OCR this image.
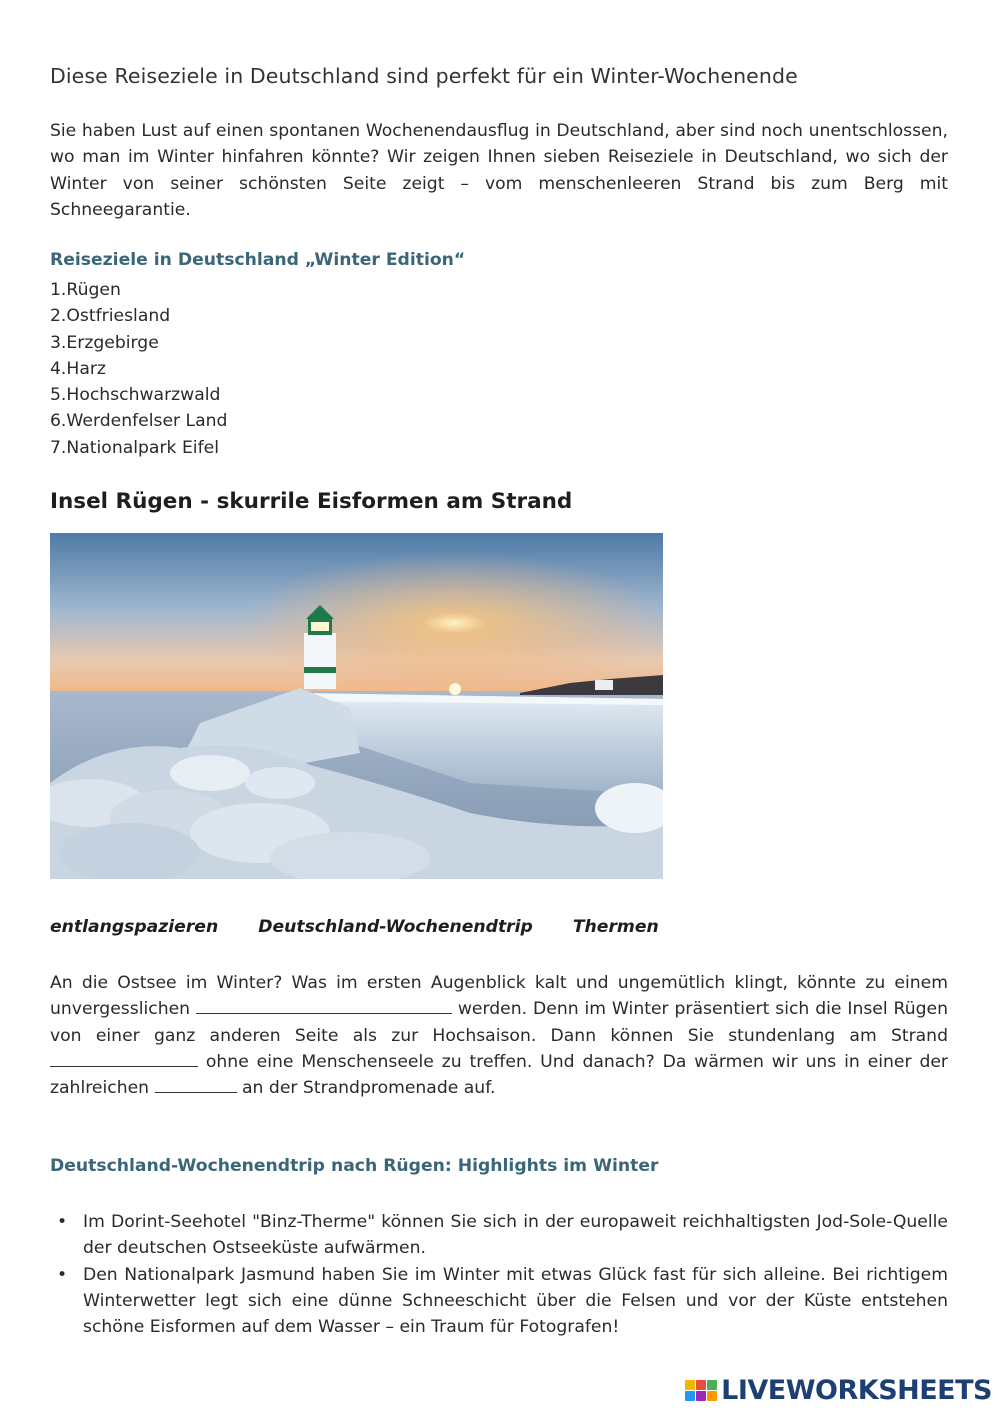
Diese Reiseziele in Deutschland sind perfekt für ein Winter-Wochenende
Sie haben Lust auf einen spontanen Wochenendausflug in Deutschland, aber sind noch unentschlossen, wo man im Winter hinfahren könnte? Wir zeigen Ihnen sieben Reiseziele in Deutschland, wo sich der Winter von seiner schönsten Seite zeigt – vom menschenleeren Strand bis zum Berg mit Schneegarantie.
Reiseziele in Deutschland „Winter Edition“
1.Rügen
2.Ostfriesland
3.Erzgebirge
4.Harz
5.Hochschwarzwald
6.Werdenfelser Land
7.Nationalpark Eifel
Insel Rügen - skurrile Eisformen am Strand
entlangspazieren Deutschland-Wochenendtrip Thermen
An die Ostsee im Winter? Was im ersten Augenblick kalt und ungemütlich klingt, könnte zu einem unvergesslichen	werden. Denn im Winter präsentiert sich die Insel Rügen von einer ganz anderen Seite als zur Hochsaison. Dann können Sie stundenlang am Strand  ohne eine Menschenseele zu treffen. Und danach? Da wärmen wir uns in einer der zahlreichen	an der Strandpromenade auf.
Deutschland-Wochenendtrip nach Rügen: Highlights im Winter
• Im Dorint-Seehotel "Binz-Therme" können Sie sich in der europaweit reichhaltigsten Jod-Sole-Quelle der deutschen Ostseeküste aufwärmen.
• Den Nationalpark Jasmund haben Sie im Winter mit etwas Glück fast für sich alleine. Bei richtigem Winterwetter legt sich eine dünne Schneeschicht über die Felsen und vor der Küste entstehen schöne Eisformen auf dem Wasser – ein Traum für Fotografen!
LIVEWORKSHEETS
